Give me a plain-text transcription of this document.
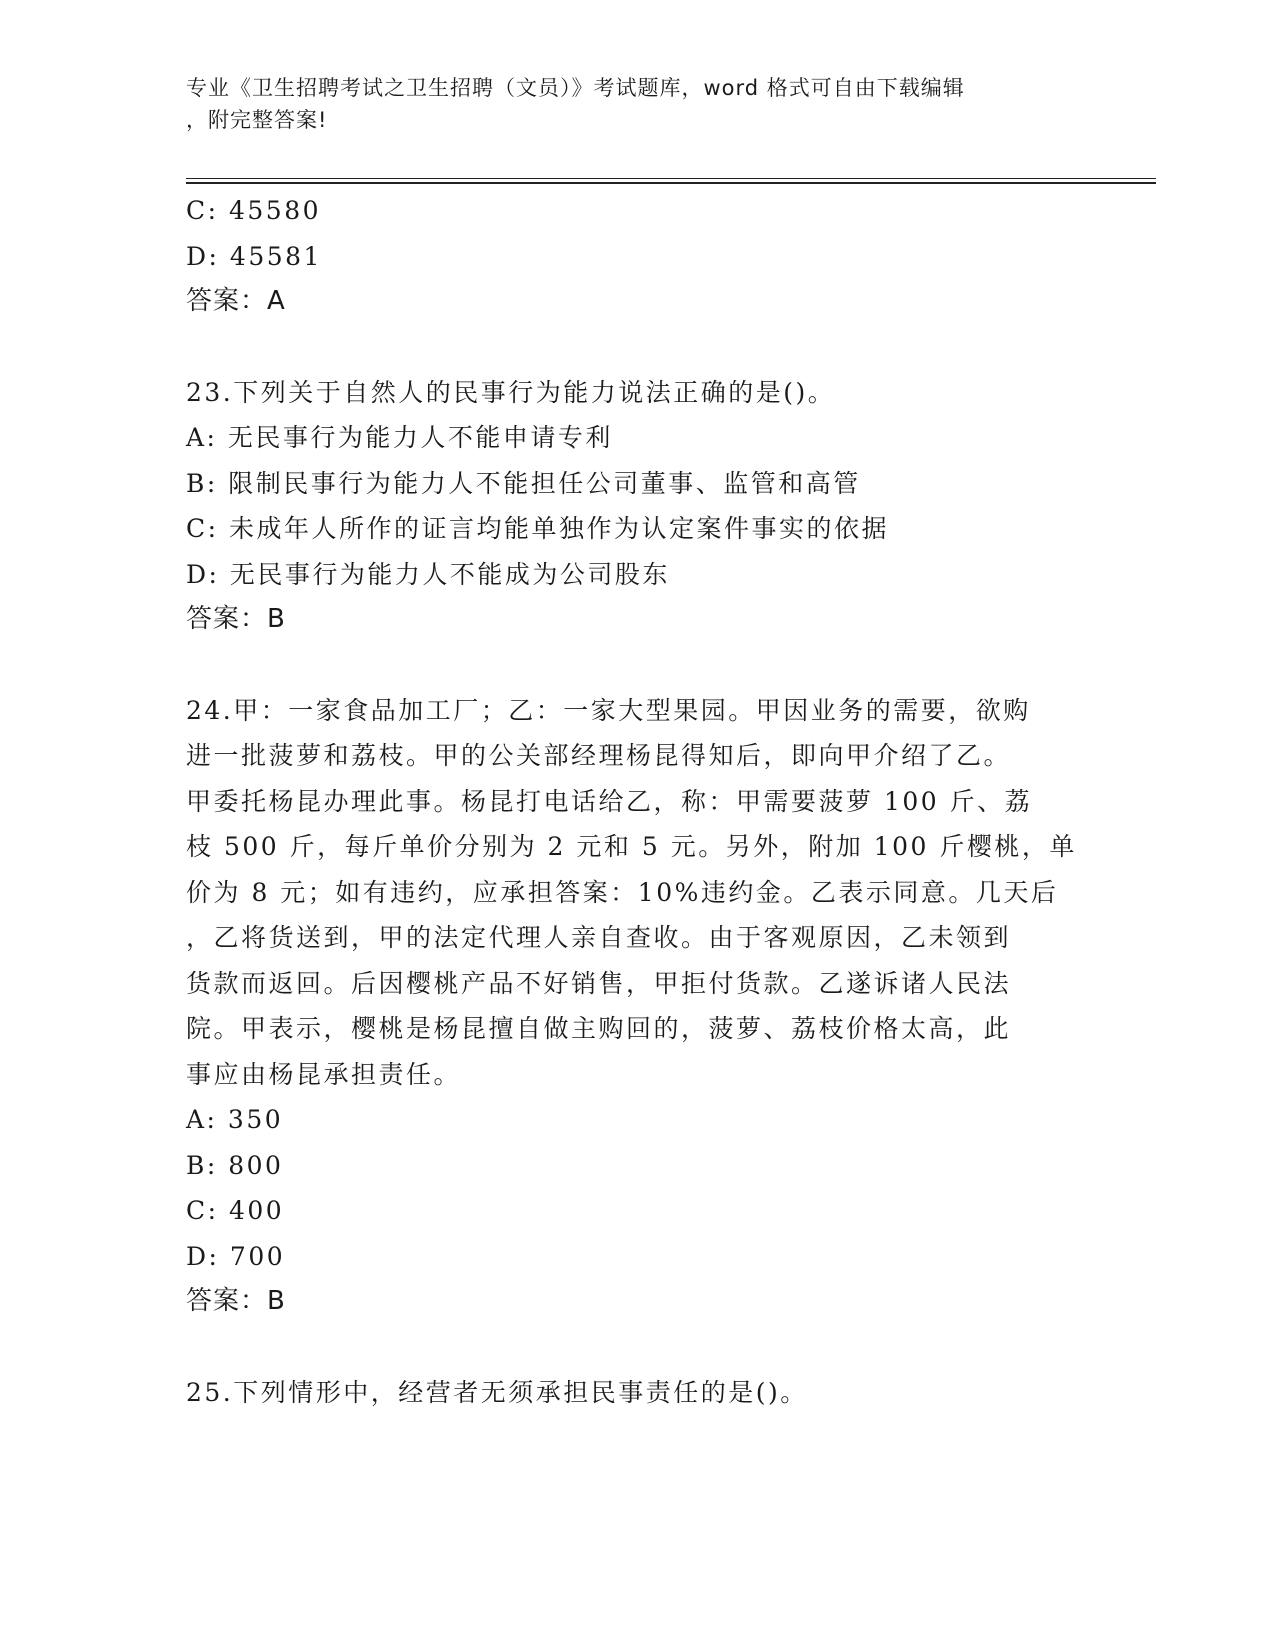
专业《卫生招聘考试之卫生招聘（文员）》考试题库，word 格式可自由下载编辑
，附完整答案!
C: 45580
D: 45581
答案：A
23.下列关于自然人的民事行为能力说法正确的是()。
A: 无民事行为能力人不能申请专利
B: 限制民事行为能力人不能担任公司董事、监管和高管
C: 未成年人所作的证言均能单独作为认定案件事实的依据
D: 无民事行为能力人不能成为公司股东
答案：B
24.甲：一家食品加工厂；乙：一家大型果园。甲因业务的需要，欲购
进一批菠萝和荔枝。甲的公关部经理杨昆得知后，即向甲介绍了乙。
甲委托杨昆办理此事。杨昆打电话给乙，称：甲需要菠萝 100 斤、荔
枝 500 斤，每斤单价分别为 2 元和 5 元。另外，附加 100 斤樱桃，单
价为 8 元；如有违约，应承担答案：10%违约金。乙表示同意。几天后
，乙将货送到，甲的法定代理人亲自查收。由于客观原因，乙未领到
货款而返回。后因樱桃产品不好销售，甲拒付货款。乙遂诉诸人民法
院。甲表示，樱桃是杨昆擅自做主购回的，菠萝、荔枝价格太高，此
事应由杨昆承担责任。
A: 350
B: 800
C: 400
D: 700
答案：B
25.下列情形中，经营者无须承担民事责任的是()。
